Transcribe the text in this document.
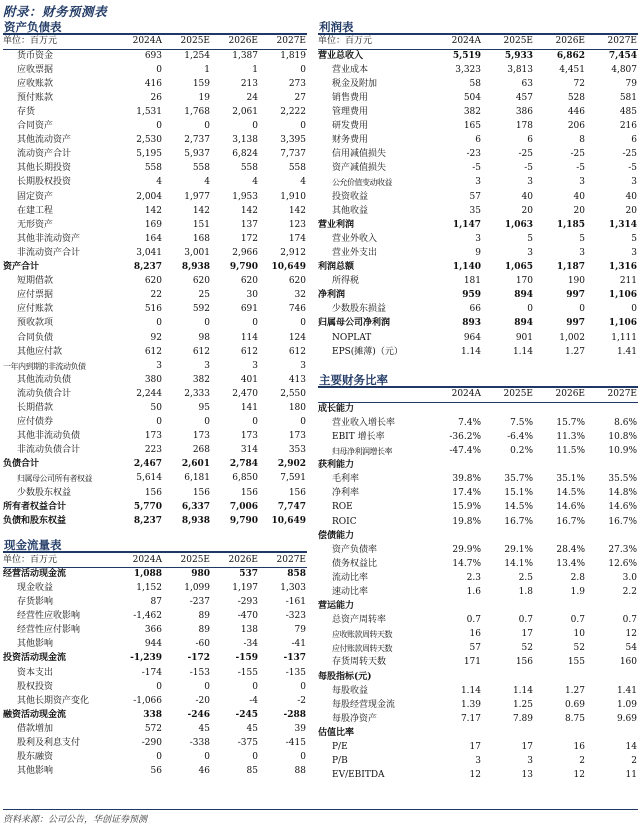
附录：财务预测表
资产负债表
单位：百万元	2024A	2025E	2026E	2027E
货币资金	693	1,254	1,387	1,819
应收票据	0	1	1	0
应收账款	416	159	213	273
预付账款	26	19	24	27
存货	1,531	1,768	2,061	2,222
合同资产	0	0	0	0
其他流动资产	2,530	2,737	3,138	3,395
流动资产合计	5,195	5,937	6,824	7,737
其他长期投资	558	558	558	558
长期股权投资	4	4	4	4
固定资产	2,004	1,977	1,953	1,910
在建工程	142	142	142	142
无形资产	169	151	137	123
其他非流动资产	164	168	172	174
非流动资产合计	3,041	3,001	2,966	2,912
资产合计	8,237	8,938	9,790	10,649
短期借款	620	620	620	620
应付票据	22	25	30	32
应付账款	516	592	691	746
预收款项	0	0	0	0
合同负债	92	98	114	124
其他应付款	612	612	612	612
一年内到期的非流动负债	3	3	3	3
其他流动负债	380	382	401	413
流动负债合计	2,244	2,333	2,470	2,550
长期借款	50	95	141	180
应付债券	0	0	0	0
其他非流动负债	173	173	173	173
非流动负债合计	223	268	314	353
负债合计	2,467	2,601	2,784	2,902
归属母公司所有者权益	5,614	6,181	6,850	7,591
少数股东权益	156	156	156	156
所有者权益合计	5,770	6,337	7,006	7,747
负债和股东权益	8,237	8,938	9,790	10,649
现金流量表
单位：百万元	2024A	2025E	2026E	2027E
经营活动现金流	1,088	980	537	858
现金收益	1,152	1,099	1,197	1,303
存货影响	87	-237	-293	-161
经营性应收影响	-1,462	89	-470	-323
经营性应付影响	366	89	138	79
其他影响	944	-60	-34	-41
投资活动现金流	-1,239	-172	-159	-137
资本支出	-174	-153	-155	-135
股权投资	0	0	0	0
其他长期资产变化	-1,066	-20	-4	-2
融资活动现金流	338	-246	-245	-288
借款增加	572	45	45	39
股利及利息支付	-290	-338	-375	-415
股东融资	0	0	0	0
其他影响	56	46	85	88
利润表
单位：百万元	2024A	2025E	2026E	2027E
营业总收入	5,519	5,933	6,862	7,454
营业成本	3,323	3,813	4,451	4,807
税金及附加	58	63	72	79
销售费用	504	457	528	581
管理费用	382	386	446	485
研发费用	165	178	206	216
财务费用	6	6	8	6
信用减值损失	-23	-25	-25	-25
资产减值损失	-5	-5	-5	-5
公允价值变动收益	3	3	3	3
投资收益	57	40	40	40
其他收益	35	20	20	20
营业利润	1,147	1,063	1,185	1,314
营业外收入	3	5	5	5
营业外支出	9	3	3	3
利润总额	1,140	1,065	1,187	1,316
所得税	181	170	190	211
净利润	959	894	997	1,106
少数股东损益	66	0	0	0
归属母公司净利润	893	894	997	1,106
NOPLAT	964	901	1,002	1,111
EPS(摊薄)（元）	1.14	1.14	1.27	1.41
主要财务比率
	2024A	2025E	2026E	2027E
成长能力				
营业收入增长率	7.4%	7.5%	15.7%	8.6%
EBIT 增长率	-36.2%	-6.4%	11.3%	10.8%
归母净利润增长率	-47.4%	0.2%	11.5%	10.9%
获利能力				
毛利率	39.8%	35.7%	35.1%	35.5%
净利率	17.4%	15.1%	14.5%	14.8%
ROE	15.9%	14.5%	14.6%	14.6%
ROIC	19.8%	16.7%	16.7%	16.7%
偿债能力				
资产负债率	29.9%	29.1%	28.4%	27.3%
债务权益比	14.7%	14.1%	13.4%	12.6%
流动比率	2.3	2.5	2.8	3.0
速动比率	1.6	1.8	1.9	2.2
营运能力				
总资产周转率	0.7	0.7	0.7	0.7
应收账款周转天数	16	17	10	12
应付账款周转天数	57	52	52	54
存货周转天数	171	156	155	160
每股指标(元)				
每股收益	1.14	1.14	1.27	1.41
每股经营现金流	1.39	1.25	0.69	1.09
每股净资产	7.17	7.89	8.75	9.69
估值比率				
P/E	17	17	16	14
P/B	3	3	2	2
EV/EBITDA	12	13	12	11
资料来源：公司公告，华创证券预测
